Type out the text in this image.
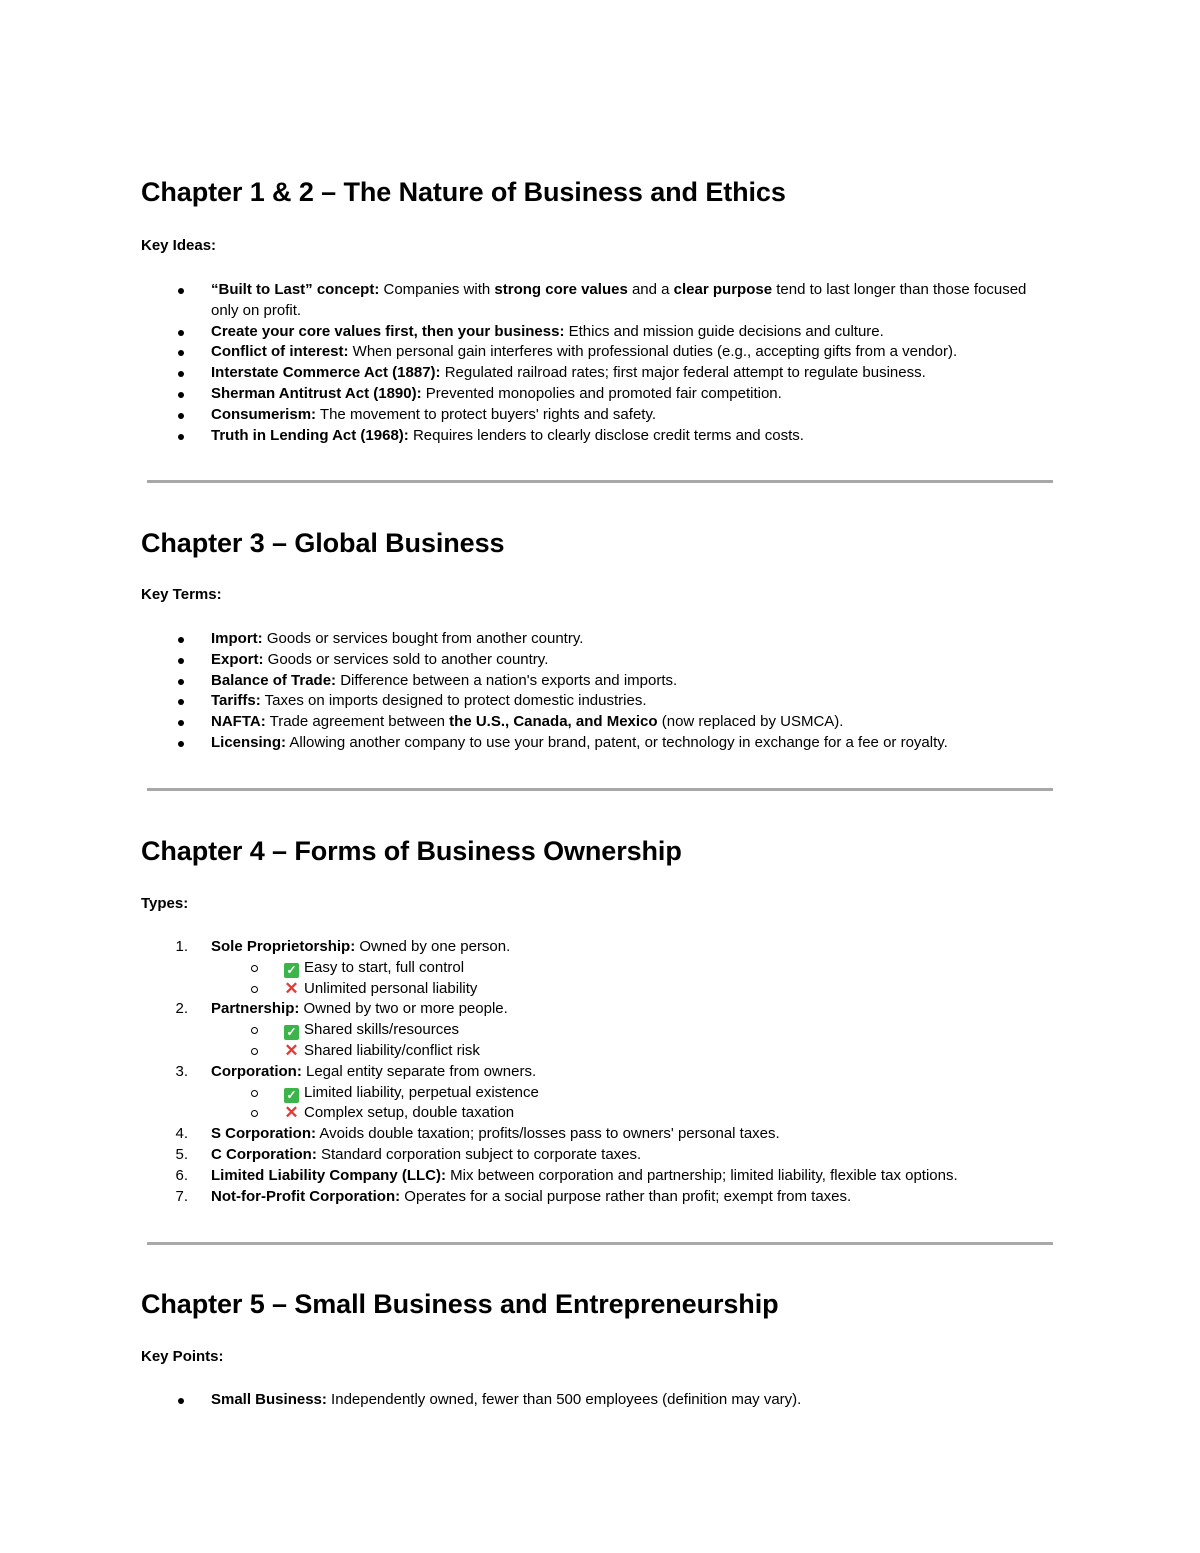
Chapter 1 & 2 – The Nature of Business and Ethics
Key Ideas:
“Built to Last” concept: Companies with strong core values and a clear purpose tend to last longer than those focused only on profit.
Create your core values first, then your business: Ethics and mission guide decisions and culture.
Conflict of interest: When personal gain interferes with professional duties (e.g., accepting gifts from a vendor).
Interstate Commerce Act (1887): Regulated railroad rates; first major federal attempt to regulate business.
Sherman Antitrust Act (1890): Prevented monopolies and promoted fair competition.
Consumerism: The movement to protect buyers' rights and safety.
Truth in Lending Act (1968): Requires lenders to clearly disclose credit terms and costs.
Chapter 3 – Global Business
Key Terms:
Import: Goods or services bought from another country.
Export: Goods or services sold to another country.
Balance of Trade: Difference between a nation's exports and imports.
Tariffs: Taxes on imports designed to protect domestic industries.
NAFTA: Trade agreement between the U.S., Canada, and Mexico (now replaced by USMCA).
Licensing: Allowing another company to use your brand, patent, or technology in exchange for a fee or royalty.
Chapter 4 – Forms of Business Ownership
Types:
1. Sole Proprietorship: Owned by one person.
✓ Easy to start, full control
✕ Unlimited personal liability
2. Partnership: Owned by two or more people.
✓ Shared skills/resources
✕ Shared liability/conflict risk
3. Corporation: Legal entity separate from owners.
✓ Limited liability, perpetual existence
✕ Complex setup, double taxation
4. S Corporation: Avoids double taxation; profits/losses pass to owners' personal taxes.
5. C Corporation: Standard corporation subject to corporate taxes.
6. Limited Liability Company (LLC): Mix between corporation and partnership; limited liability, flexible tax options.
7. Not-for-Profit Corporation: Operates for a social purpose rather than profit; exempt from taxes.
Chapter 5 – Small Business and Entrepreneurship
Key Points:
Small Business: Independently owned, fewer than 500 employees (definition may vary).
